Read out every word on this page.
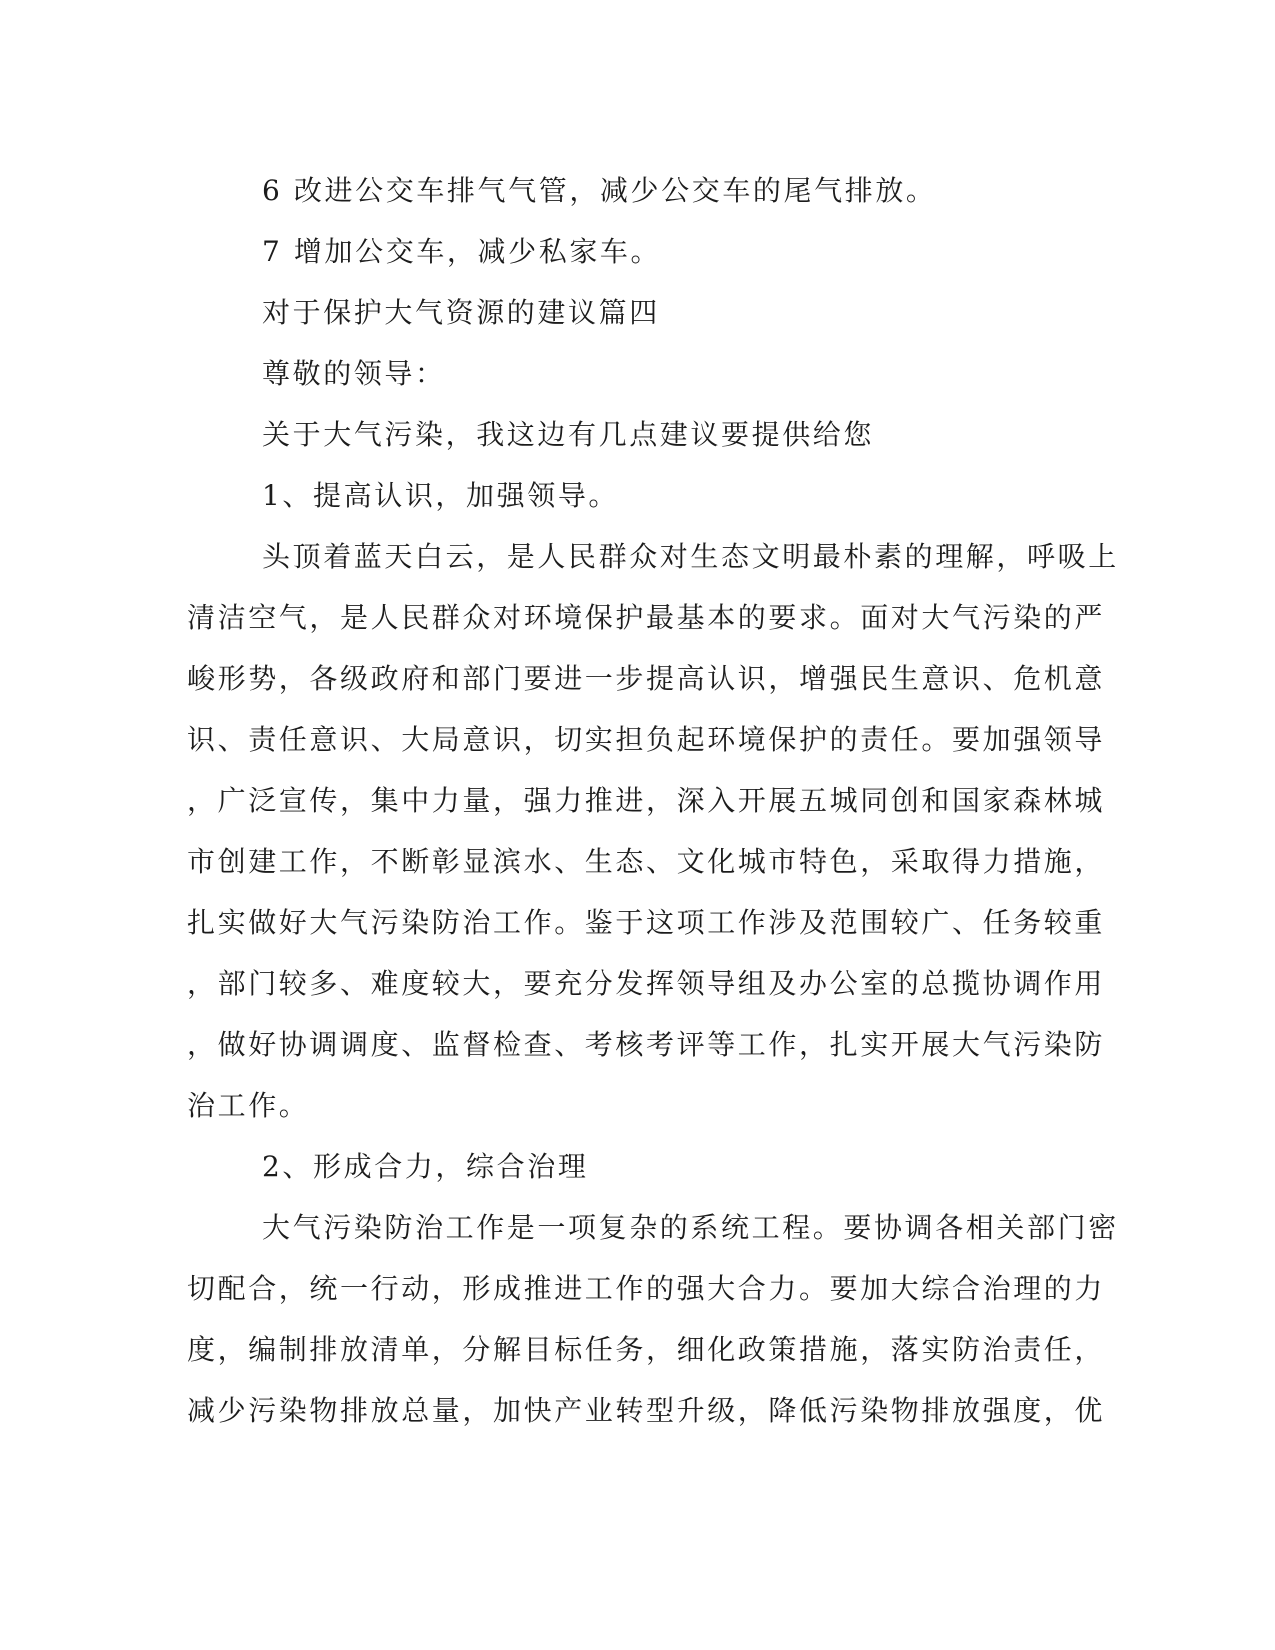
6 改进公交车排气气管，减少公交车的尾气排放。
7 增加公交车，减少私家车。
对于保护大气资源的建议篇四
尊敬的领导：
关于大气污染，我这边有几点建议要提供给您
1、提高认识，加强领导。
头顶着蓝天白云，是人民群众对生态文明最朴素的理解，呼吸上
清洁空气，是人民群众对环境保护最基本的要求。面对大气污染的严
峻形势，各级政府和部门要进一步提高认识，增强民生意识、危机意
识、责任意识、大局意识，切实担负起环境保护的责任。要加强领导
，广泛宣传，集中力量，强力推进，深入开展五城同创和国家森林城
市创建工作，不断彰显滨水、生态、文化城市特色，采取得力措施，
扎实做好大气污染防治工作。鉴于这项工作涉及范围较广、任务较重
，部门较多、难度较大，要充分发挥领导组及办公室的总揽协调作用
，做好协调调度、监督检查、考核考评等工作，扎实开展大气污染防
治工作。
2、形成合力，综合治理
大气污染防治工作是一项复杂的系统工程。要协调各相关部门密
切配合，统一行动，形成推进工作的强大合力。要加大综合治理的力
度，编制排放清单，分解目标任务，细化政策措施，落实防治责任，
减少污染物排放总量，加快产业转型升级，降低污染物排放强度，优
